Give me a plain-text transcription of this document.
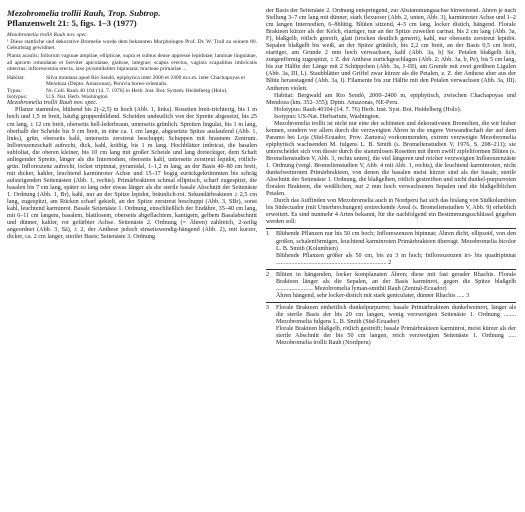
Mezobromelia trollii Rauh, Trop. Subtrop.
Pflanzenwelt 21: 5, figs. 1–3 (1977)

Mezobromelia trollii Rauh nov. spec.

¹ Diese stattliche und dekorative Bromelie wurde dem bekannten Morphologen Prof. Dr. W. Troll zu seinem 80. Geburtstag gewidmet.

Planta acaulis; foliorum vaginae ampliae, ellipticae, supra et subtus dense appresse lepidotae; laminae lingulatae, ad apicem rotundatae et breviter apiculatae, glabrae, integrae; scapus erectus, vaginis scapalibus imbricatis obtectus; inflorescentia erecta, laxe pyramidaliter bipinnata; bracteae primariae ...

Habitat:	Silva montana apud Rio Sendó, epiphytica inter 2000 et 2400 m.s.m. inter Chachapoyas et Mendoza (Depto. Amazonas), Peruvia boreo-orientalis.
Typus:	Nr. Coll. Rauh 40 104 (14. 7. 1976) in Herb. Inst. Bot. System. Heidelberg (Holo).
Isotypus:	U.S. Nat. Herb. Washington

Mezobromelia trollii Rauh nov. spec.

Pflanze stammlos, blühend bis 2(–2,5) m hoch (Abb. 1, links). Rosetten breit-trichterig, bis 1 m hoch und 1,5 m breit, häufig gruppenbildend. Scheiden undeutlich von der Spreite abgesetzt, bis 25 cm lang, ± 12 cm breit, oberseits hell-lederbraun, unterseits grünlich. Spreiten lingulat, bis 1 m lang, oberhalb der Scheide bis 9 cm breit, in eine ca. 1 cm lange, abgesetzte Spitze auslaufend (Abb. 1, links), grün, oberseits kahl, unterseits zerstreut beschuppt; Schuppen mit braunem Zentrum. Infloreszenzschaft aufrecht, dick, kahl, kräftig, bis 1 m lang. Hochblätter imbricat, die basalen subfoliat, die oberen kleiner, bis 10 cm lang mit großer Scheide und lang dreieckiger, dem Schaft anliegender Spreite, länger als die Internodien, oberseits kahl, unterseits zerstreut lepidot, rötlich-grün. Infloreszenz aufrecht, locker tripinnat, pyramidal, 1–1,2 m lang, an der Basis 40–80 cm breit, mit dicker, kahler, leuchtend karminroter Achse und 15–17 bogig zurückgekrümmten bis schräg aufsteigenden Seitenästen (Abb. 1, rechts). Primärbrakteen schmal elliptisch, scharf zugespitzt, die basalen bis 7 cm lang, später so lang oder etwas länger als die sterile basale Abschnitt der Seitenäste 1. Ordnung (Abb. 1, Br), kahl, nur an der Spitze lepidot, bräunlich-rot. Sekundärbrakteen ± 2,5 cm lang, zugespitzt, am Rücken scharf gekielt, an der Spitze zerstreut beschuppt (Abb. 3, SBr), sonst kahl, leuchtend karminrot. Basale Seitenäste 1. Ordnung, einschließlich der Endähre, 35–40 cm lang, mit 6–11 cm langem, basalem, blattlosem, oberseits abgeflachtem, kantigem, gelbem Basalabschnitt und dünner, kahler, rot gefärbter Achse. Seitenäste 2. Ordnung (= Ähren) zahlreich, 2-zeilig angeordnet (Abb. 3, Sä), ± 2, der Anthese jedoch einseitswendig-hängend (Abb. 2), mit kurzer, dicker, ca. 2 cm langer, steriler Basis; Seitenäste 3. Ordnung

der Basis der Seitenäste 2. Ordnung entspringend, zur Abstammungsachse hinweisend. Ähren je nach Stellung 3–7 cm lang mit dünner, stark flexuoser (Abb. 2, unten, Abb. 3), karminroter Achse und 1–2 cm langen Internodien, 6–8blütig. Blüten sitzend, 4–5 cm lang, locker distich, hängend. Florale Brakteen kürzer als der Kelch, eiartiger, nur an der Spitze zuweilen carinat, bis 2 cm lang (Abb. 3a, F), blaßgelb, rötlich getreift, glatt (trocken deutlich generrt), kahl, nur oberseits zerstreut lepidot. Sepalen blaßgelb bis weiß, an der Spitze grünlich, bis 2,2 cm breit, an der Basis 0,5 cm breit, eiartiger, am Grunde 2 mm hoch verwachsen, kahl (Abb. 3a, b) Se. Petalen blaßgelb lich, zungenförmig zugespitzt, ± Z. der Anthese zurückgeschlagen (Abb. 2; Abb. 3a, b, Pe), bis 5 cm lang, bis zur Hälfte der Länge mit 2 Schüppchen (Abb. 3a, J–III), am Grunde mit zwei greißnen Ligulen (Abb. 3a, III, L). Staubblätter und Griffel zwar kürzer als die Petalen, z. Z. der Anthese aber aus der Blüte heraustagend (Abb. 3a, I). Filamente bis zur Hälfte mit den Petalen verwachsen (Abb. 3a, III). Antheren violett.

Habitat: Bergwald am Rio Sendó, 2000–2400 m, epiphytisch, zwischen Chachapoyas und Mendoza (km. 352–355); Dptm. Amazonas, NE-Peru.

Holotypus: Rauh 40104 (14. 7. 76) Herb. Inst. Syst. Bot. Heidelberg (Holo).

Isotypus: US-Nat. Herbarium, Washington.

Mezobromelia trollii ist nicht nur eine der schönsten und dekorativsten Bromelien, die wir bisher kennen, sondern vor allem durch die verzweigten Ähren in die engere Verwandtschaft der auf dem Paramo bei Loja (Süd-Ecuador, Prov. Zamora) vorkommenden, extrem verzweigte Mezobromelia epiphytisch wachsenden M. fulgens L. B. Smith (s. Bromelienstudien V, 1976, S. 208–211); sie unterscheidet sich von dieser durch die stammlosen Rosetten mit ihren zwölf zipfeliformen Blüten (s. Bromelienstudien V, Abb. 3, rechts unten), die viel längeren und reicher verzweigten Infloreszenzäste 1. Ordnung (vergl. Bromelienstudien V, Abb. 4 mit Abb. 1, rechts), die leuchtend karminroten, nicht dunkelweinroten Primärbrakteen, von denen die basalen meist kürzer sind als der basale, sterile Abschnitt der Seitenäste 1. Ordnung, die blaßgelben, rötlich gestreiften und nicht dunkel-purpurroten floralen Brakteen, die weißlichen, nur 2 mm hoch verwachsenen Sepalen und die blaßgelblichen Petalen.

Durch das Auffinden von Mezobromelia auch in Nordperu hat sich das bislang von Südkolumbien bis Südecuador (mit Unterbrechungen) erstreckende Areal (s. Bromelienstudien V, Abb. 9) erheblich erweitert. Es sind nunmehr 4 Arten bekannt, für die nachfolgend ein Bestimmungsschlüssel gegeben werden soll:

1	Blühende Pflanzen nur bis 50 cm hoch; Infloreszenzen bipinnat; Ähren dicht, ellipsoid, von den großen, schalenförmigen, leuchtend karminroten Primärbrakteen überragt. Mezobromelia bicolor L. B. Smith (Kolumbien)
Blühende Pflanzen größer als 50 cm, bis zu 3 m hoch; Infloreszenzen tri- bis quadripinnat ........................................................................ 2
2	Blüten in hängenden, locker komplanaten Ähren; diese mit fast gerader Rhachis. Florale Brakteen länger als die Sepalen, an der Basis karminrot, gegen die Spitze blaßgelb ........................ Mezobromelia lyman-smithii Rauh (Zentral-Ecuador)
Ähren hängend, sehr locker-distich mit stark geniculater, dünner Rhachis ..... 3
3	Florale Brakteen einheitlich dunkelpurpurrot; basale Primärbrakteen dunkelweinrot, länger als die sterile Basis der bis 20 cm langen, wenig verzweigten Seitenäste 1. Ordnung ........ Mezobromelia fulgens L. B. Smith (Süd-Ecuador)
Florale Brakteen blaßgelb, rötlich gestreift; basale Primärbrakteen karminrot, meist kürzer als der sterile Abschnitt der bis 50 cm langen, reich verzweigten Seitenäste 1. Ordnung ..... Mezobromelia trollii Rauh (Nordperu)
